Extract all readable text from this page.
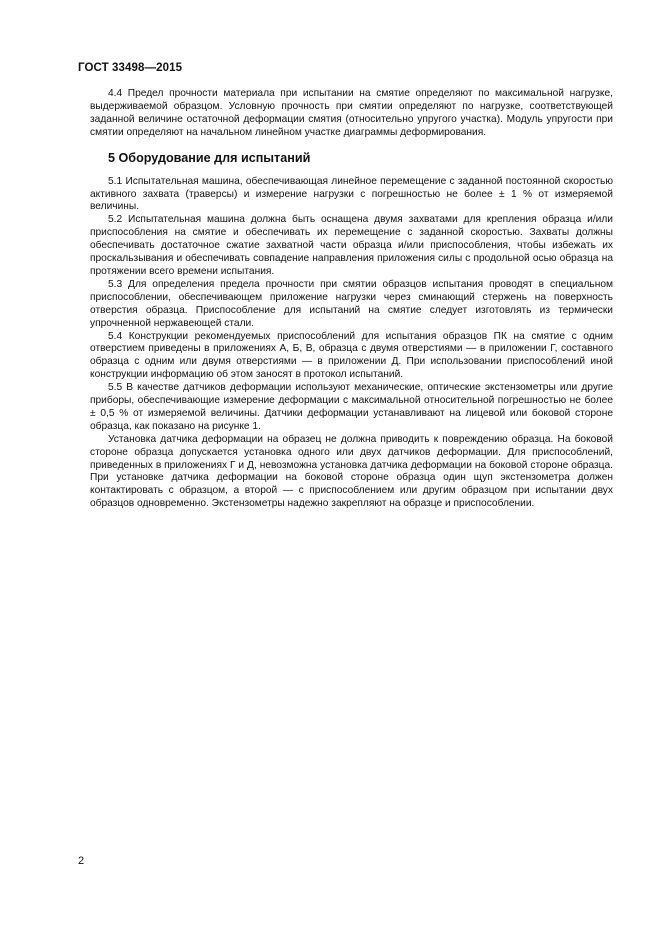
ГОСТ 33498—2015

4.4 Предел прочности материала при испытании на смятие определяют по максимальной нагрузке, выдерживаемой образцом. Условную прочность при смятии определяют по нагрузке, соответствующей заданной величине остаточной деформации смятия (относительно упругого участка). Модуль упругости при смятии определяют на начальном линейном участке диаграммы деформирования.

5 Оборудование для испытаний

5.1 Испытательная машина, обеспечивающая линейное перемещение с заданной постоянной скоростью активного захвата (траверсы) и измерение нагрузки с погрешностью не более ± 1 % от измеряемой величины.

5.2 Испытательная машина должна быть оснащена двумя захватами для крепления образца и/или приспособления на смятие и обеспечивать их перемещение с заданной скоростью. Захваты должны обеспечивать достаточное сжатие захватной части образца и/или приспособления, чтобы избежать их проскальзывания и обеспечивать совпадение направления приложения силы с продольной осью образца на протяжении всего времени испытания.

5.3 Для определения предела прочности при смятии образцов испытания проводят в специальном приспособлении, обеспечивающем приложение нагрузки через сминающий стержень на поверхность отверстия образца. Приспособление для испытаний на смятие следует изготовлять из термически упрочненной нержавеющей стали.

5.4 Конструкции рекомендуемых приспособлений для испытания образцов ПК на смятие с одним отверстием приведены в приложениях А, Б, В, образца с двумя отверстиями — в приложении Г, составного образца с одним или двумя отверстиями — в приложении Д. При использовании приспособлений иной конструкции информацию об этом заносят в протокол испытаний.

5.5 В качестве датчиков деформации используют механические, оптические экстензометры или другие приборы, обеспечивающие измерение деформации с максимальной относительной погрешностью не более ± 0,5 % от измеряемой величины. Датчики деформации устанавливают на лицевой или боковой стороне образца, как показано на рисунке 1.

Установка датчика деформации на образец не должна приводить к повреждению образца. На боковой стороне образца допускается установка одного или двух датчиков деформации. Для приспособлений, приведенных в приложениях Г и Д, невозможна установка датчика деформации на боковой стороне образца. При установке датчика деформации на боковой стороне образца один щуп экстензометра должен контактировать с образцом, а второй — с приспособлением или другим образцом при испытании двух образцов одновременно. Экстензометры надежно закрепляют на образце и приспособлении.

2
